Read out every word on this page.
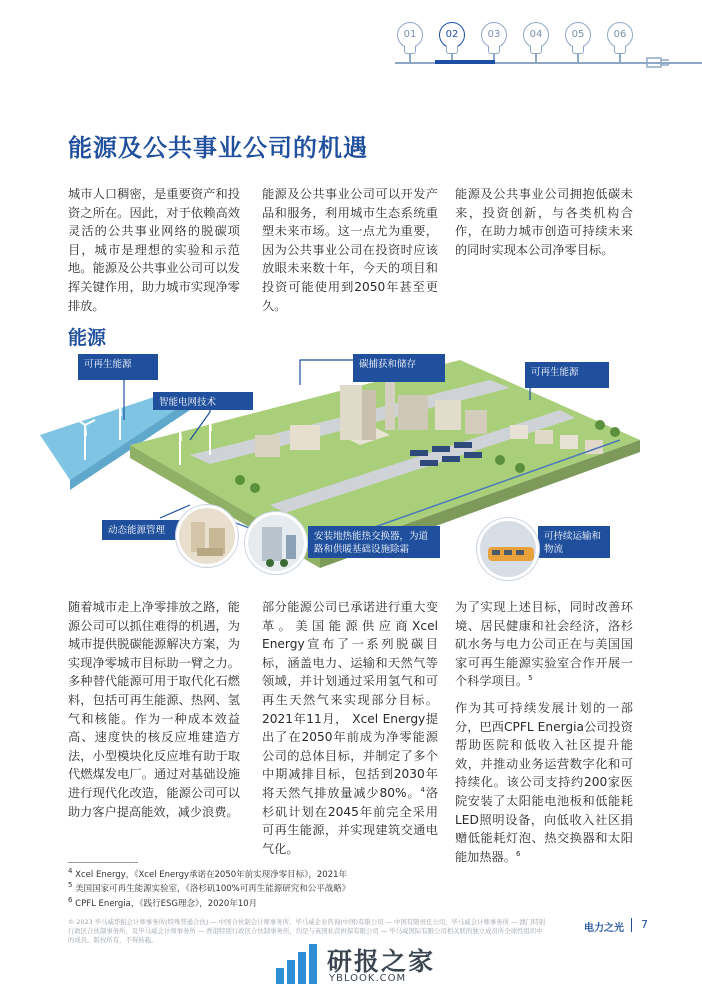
01	02	03	04	05	06
能源及公共事业公司的机遇

城市人口稠密，是重要资产和投资之所在。因此，对于依赖高效灵活的公共事业网络的脱碳项目，城市是理想的实验和示范地。能源及公共事业公司可以发挥关键作用，助力城市实现净零排放。

能源及公共事业公司可以开发产品和服务，利用城市生态系统重塑未来市场。这一点尤为重要，因为公共事业公司在投资时应该放眼未来数十年，今天的项目和投资可能使用到2050年甚至更久。

能源及公共事业公司拥抱低碳未来，投资创新，与各类机构合作，在助力城市创造可持续未来的同时实现本公司净零目标。

能源
可再生能源
智能电网技术
碳捕获和储存
可再生能源
动态能源管理
安装地热能热交换器，为道路和供暖基础设施除霜
可持续运输和物流

随着城市走上净零排放之路，能源公司可以抓住难得的机遇，为城市提供脱碳能源解决方案，为实现净零城市目标助一臂之力。多种替代能源可用于取代化石燃料，包括可再生能源、热网、氢气和核能。作为一种成本效益高、速度快的核反应堆建造方法，小型模块化反应堆有助于取代燃煤发电厂。通过对基础设施进行现代化改造，能源公司可以助力客户提高能效，减少浪费。

部分能源公司已承诺进行重大变革。美国能源供应商Xcel Energy宣布了一系列脱碳目标，涵盖电力、运输和天然气等领域，并计划通过采用氢气和可再生天然气来实现部分目标。 2021年11月， Xcel Energy提出了在2050年前成为净零能源公司的总体目标，并制定了多个中期减排目标，包括到2030年将天然气排放量减少80%。$^4$洛杉矶计划在2045年前完全采用可再生能源，并实现建筑交通电气化。

为了实现上述目标，同时改善环境、居民健康和社会经济，洛杉矶水务与电力公司正在与美国国家可再生能源实验室合作开展一个科学项目。$^5$

作为其可持续发展计划的一部分，巴西CPFL Energia公司投资帮助医院和低收入社区提升能效，并推动业务运营数字化和可持续化。该公司支持约200家医院安装了太阳能电池板和低能耗LED照明设备，向低收入社区捐赠低能耗灯泡、热交换器和太阳能加热器。$^6$

$^4$ Xcel Energy，《Xcel Energy承诺在2050年前实现净零目标》，2021年
$^5$ 美国国家可再生能源实验室，《洛杉矶100%可再生能源研究和公平战略》
$^6$ CPFL Energia，《践行ESG理念》，2020年10月

© 2023 毕马威华振会计师事务所(特殊普通合伙) — 中国合伙制会计师事务所，毕马威企业咨询(中国)有限公司 — 中国有限责任公司，毕马威会计师事务所 — 澳门特别行政区合伙制事务所，及毕马威会计师事务所 — 香港特别行政区合伙制事务所，均是与英国私营担保有限公司 — 毕马威国际有限公司相关联的独立成员所全球性组织中的成员。版权所有，不得转载。

电力之光 7
研报之家
YBLOOK.COM
